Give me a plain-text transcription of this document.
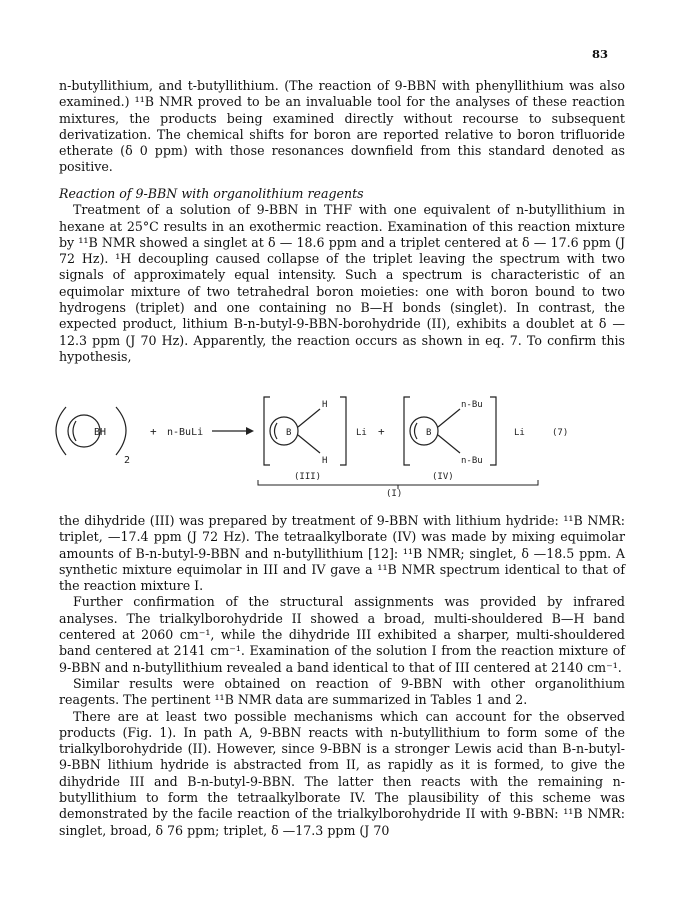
83

n-butyllithium, and t-butyllithium. (The reaction of 9-BBN with phenyllithium was also examined.) ¹¹B NMR proved to be an invaluable tool for the analyses of these reaction mixtures, the products being examined directly without recourse to subsequent derivatization. The chemical shifts for boron are reported relative to boron trifluoride etherate (δ 0 ppm) with those resonances downfield from this standard denoted as positive.

Reaction of 9-BBN with organolithium reagents

Treatment of a solution of 9-BBN in THF with one equivalent of n-butyllithium in hexane at 25°C results in an exothermic reaction. Examination of this reaction mixture by ¹¹B NMR showed a singlet at δ — 18.6 ppm and a triplet centered at δ — 17.6 ppm (J 72 Hz). ¹H decoupling caused collapse of the triplet leaving the spectrum with two signals of approximately equal intensity. Such a spectrum is characteristic of an equimolar mixture of two tetrahedral boron moieties: one with boron bound to two hydrogens (triplet) and one containing no B—H bonds (singlet). In contrast, the expected product, lithium B-n-butyl-9-BBN-borohydride (II), exhibits a doublet at δ — 12.3 ppm (J 70 Hz). Apparently, the reaction occurs as shown in eq. 7. To confirm this hypothesis,

BH
2
+ n-BuLi	B
H
H
Li +	B
n-Bu
n-Bu
Li	(7)
(III)	(IV)
(I)

the dihydride (III) was prepared by treatment of 9-BBN with lithium hydride: ¹¹B NMR: triplet, —17.4 ppm (J 72 Hz). The tetraalkylborate (IV) was made by mixing equimolar amounts of B-n-butyl-9-BBN and n-butyllithium [12]: ¹¹B NMR; singlet, δ —18.5 ppm. A synthetic mixture equimolar in III and IV gave a ¹¹B NMR spectrum identical to that of the reaction mixture I.

Further confirmation of the structural assignments was provided by infrared analyses. The trialkylborohydride II showed a broad, multi-shouldered B—H band centered at 2060 cm⁻¹, while the dihydride III exhibited a sharper, multi-shouldered band centered at 2141 cm⁻¹. Examination of the solution I from the reaction mixture of 9-BBN and n-butyllithium revealed a band identical to that of III centered at 2140 cm⁻¹.

Similar results were obtained on reaction of 9-BBN with other organolithium reagents. The pertinent ¹¹B NMR data are summarized in Tables 1 and 2.

There are at least two possible mechanisms which can account for the observed products (Fig. 1). In path A, 9-BBN reacts with n-butyllithium to form some of the trialkylborohydride (II). However, since 9-BBN is a stronger Lewis acid than B-n-butyl-9-BBN lithium hydride is abstracted from II, as rapidly as it is formed, to give the dihydride III and B-n-butyl-9-BBN. The latter then reacts with the remaining n-butyllithium to form the tetraalkylborate IV. The plausibility of this scheme was demonstrated by the facile reaction of the trialkylborohydride II with 9-BBN: ¹¹B NMR: singlet, broad, δ 76 ppm; triplet, δ —17.3 ppm (J 70
